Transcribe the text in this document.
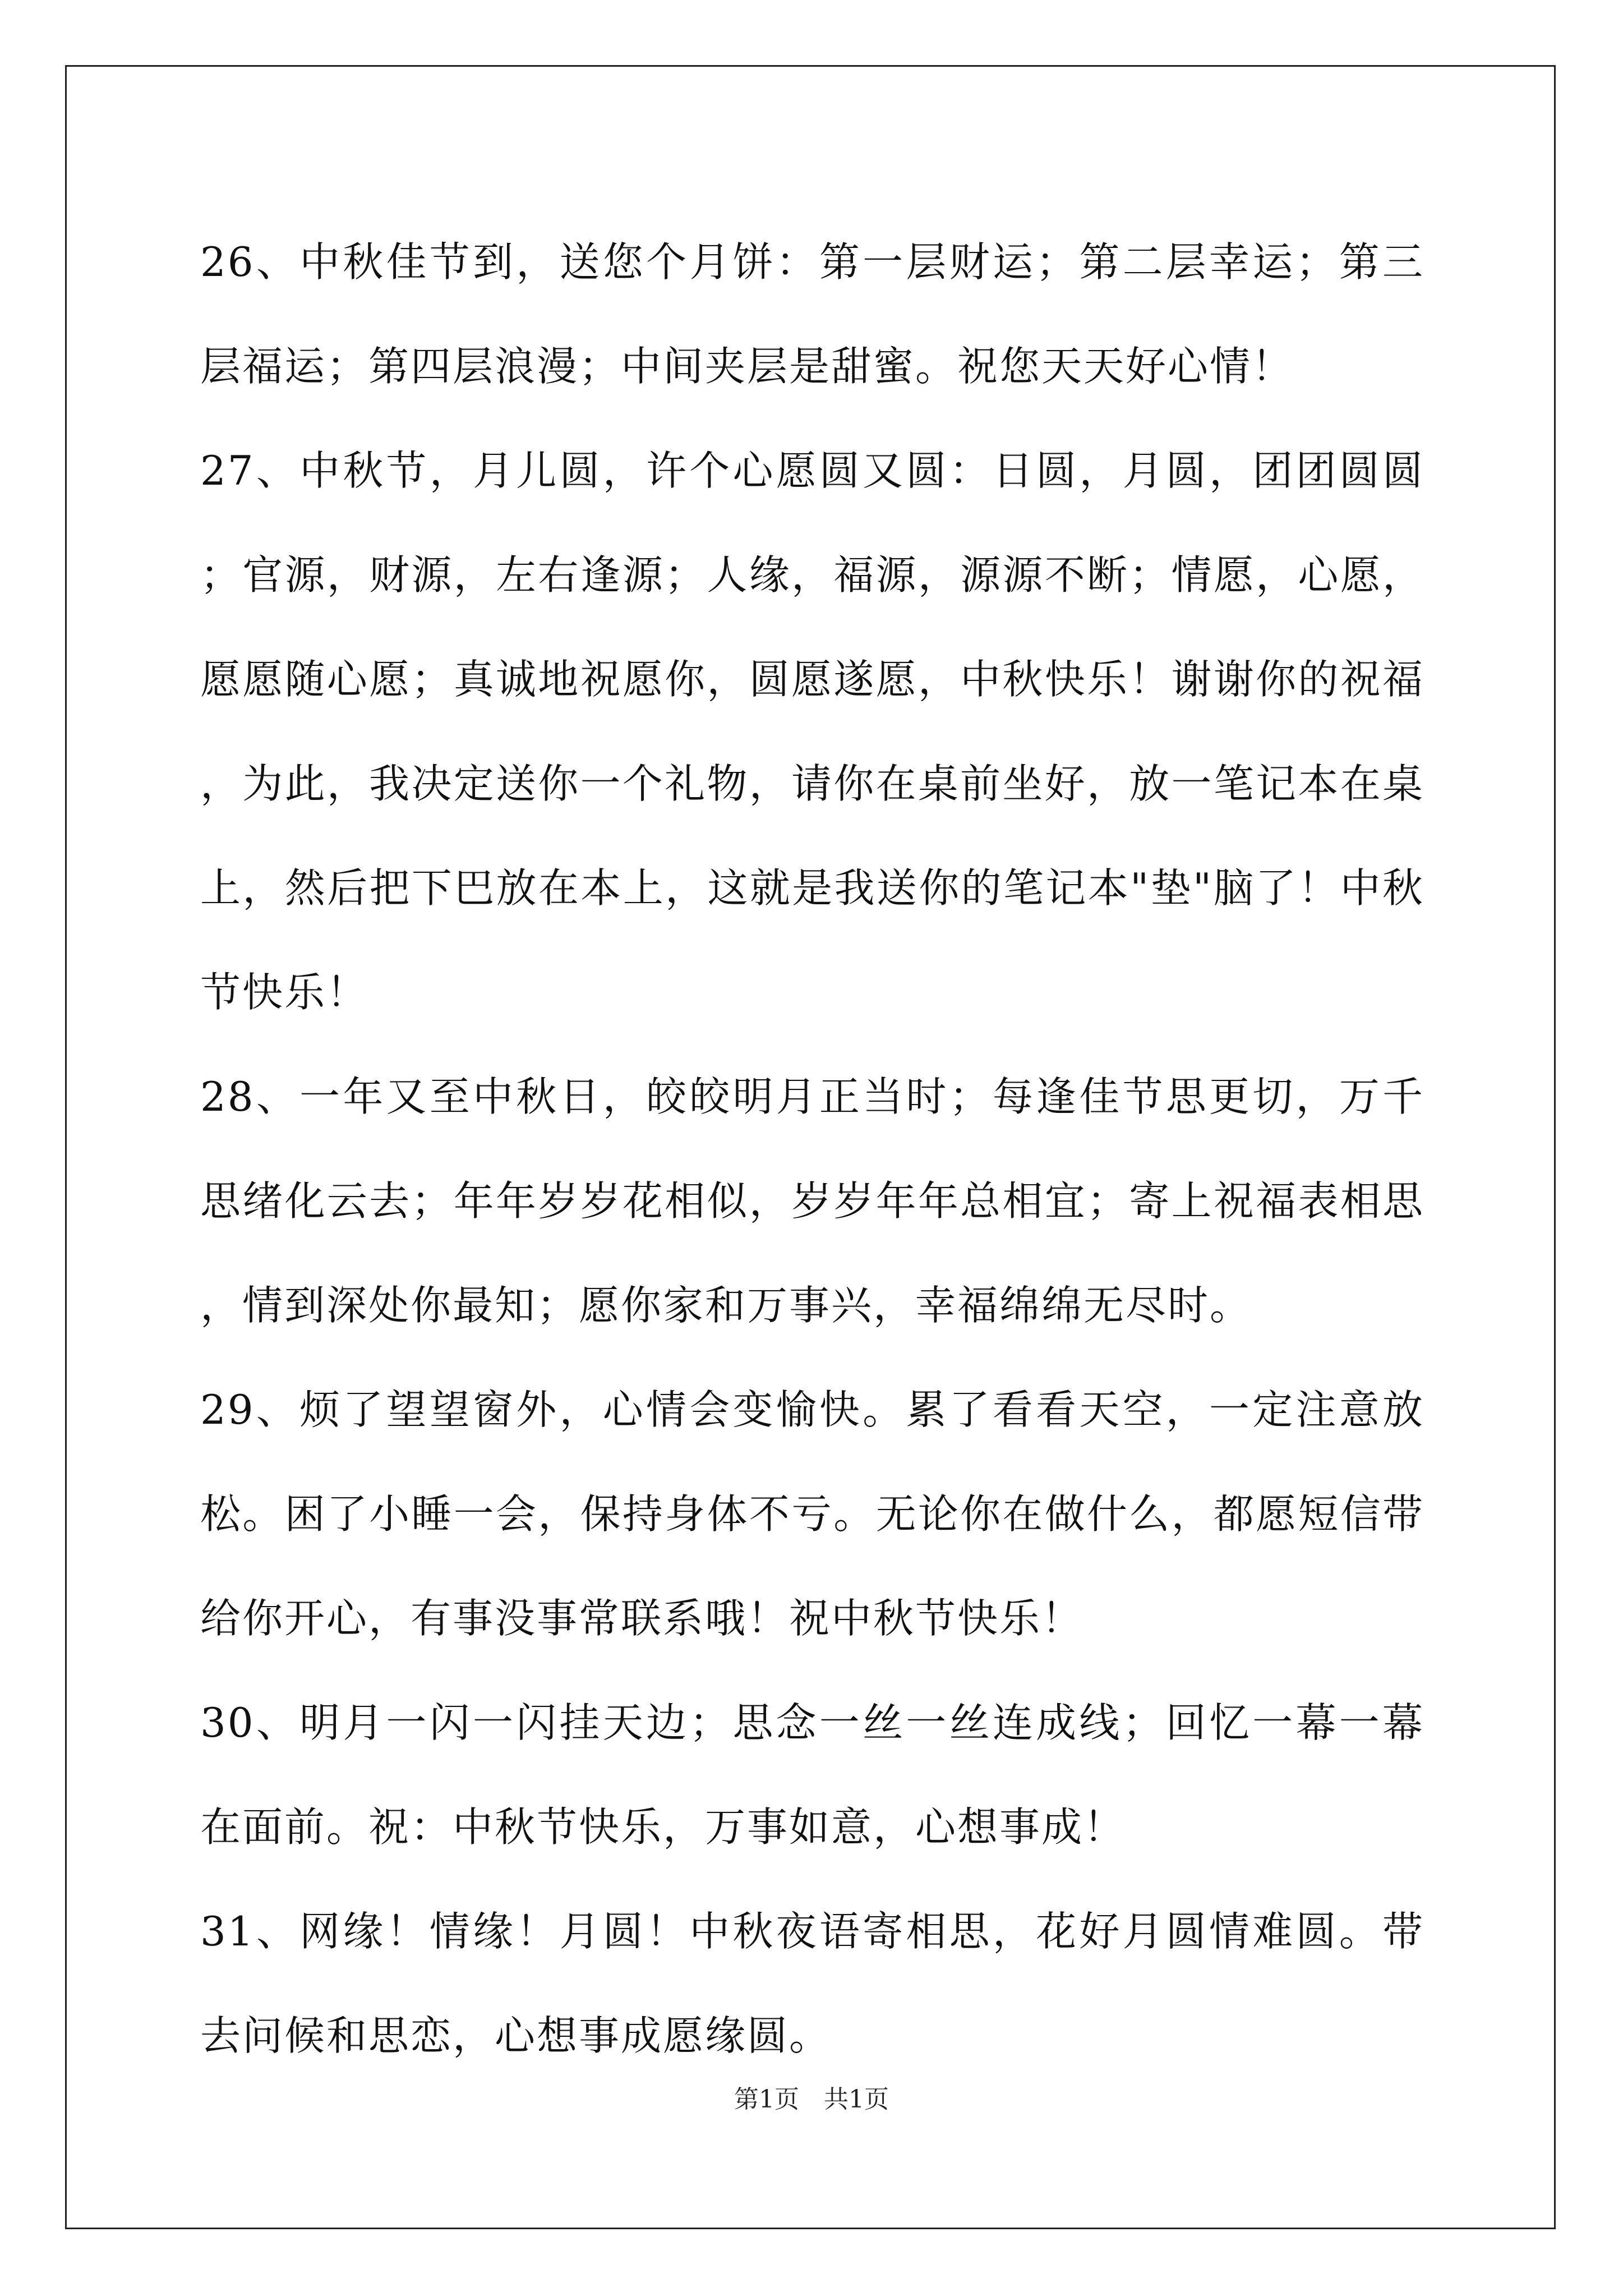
26、中秋佳节到，送您个月饼：第一层财运；第二层幸运；第三层福运；第四层浪漫；中间夹层是甜蜜。祝您天天好心情！

27、中秋节，月儿圆，许个心愿圆又圆：日圆，月圆，团团圆圆；官源，财源，左右逢源；人缘，福源，源源不断；情愿，心愿，愿愿随心愿；真诚地祝愿你，圆愿遂愿，中秋快乐！谢谢你的祝福，为此，我决定送你一个礼物，请你在桌前坐好，放一笔记本在桌上，然后把下巴放在本上，这就是我送你的笔记本"垫"脑了！中秋节快乐！

28、一年又至中秋日，皎皎明月正当时；每逢佳节思更切，万千思绪化云去；年年岁岁花相似，岁岁年年总相宜；寄上祝福表相思，情到深处你最知；愿你家和万事兴，幸福绵绵无尽时。

29、烦了望望窗外，心情会变愉快。累了看看天空，一定注意放松。困了小睡一会，保持身体不亏。无论你在做什么，都愿短信带给你开心，有事没事常联系哦！祝中秋节快乐！

30、明月一闪一闪挂天边；思念一丝一丝连成线；回忆一幕一幕在面前。祝：中秋节快乐，万事如意，心想事成！

31、网缘！情缘！月圆！中秋夜语寄相思，花好月圆情难圆。带去问候和思恋，心想事成愿缘圆。

第1页　共1页
